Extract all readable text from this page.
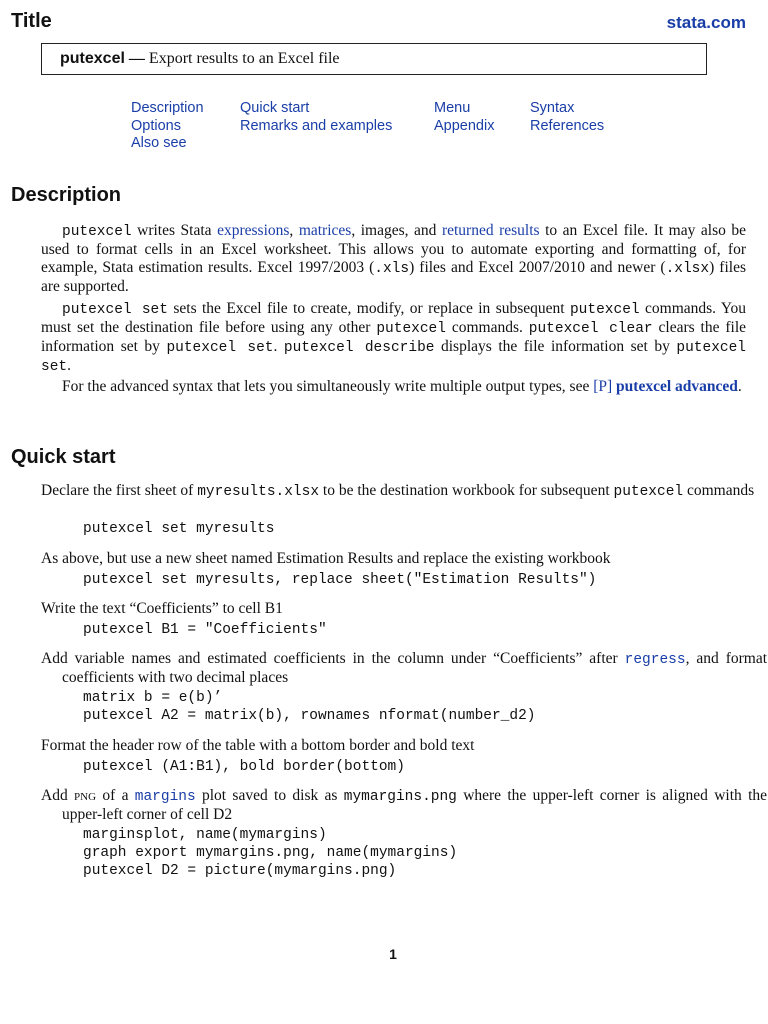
Title	stata.com
putexcel — Export results to an Excel file
Description
Options
Also see
Quick start
Remarks and examples
Menu
Appendix
Syntax
References
Description

putexcel writes Stata expressions, matrices, images, and returned results to an Excel file. It may also be used to format cells in an Excel worksheet. This allows you to automate exporting and formatting of, for example, Stata estimation results. Excel 1997/2003 (.xls) files and Excel 2007/2010 and newer (.xlsx) files are supported.

putexcel set sets the Excel file to create, modify, or replace in subsequent putexcel commands. You must set the destination file before using any other putexcel commands. putexcel clear clears the file information set by putexcel set. putexcel describe displays the file information set by putexcel set.

For the advanced syntax that lets you simultaneously write multiple output types, see [P] putexcel advanced.

Quick start

Declare the first sheet of myresults.xlsx to be the destination workbook for subsequent putexcel commands

putexcel set myresults

As above, but use a new sheet named Estimation Results and replace the existing workbook

putexcel set myresults, replace sheet("Estimation Results")

Write the text “Coefficients” to cell B1

putexcel B1 = "Coefficients"

Add variable names and estimated coefficients in the column under “Coefficients” after regress, and format coefficients with two decimal places

matrix b = e(b)’
putexcel A2 = matrix(b), rownames nformat(number_d2)

Format the header row of the table with a bottom border and bold text

putexcel (A1:B1), bold border(bottom)

Add png of a margins plot saved to disk as mymargins.png where the upper-left corner is aligned with the upper-left corner of cell D2

marginsplot, name(mymargins)
graph export mymargins.png, name(mymargins)
putexcel D2 = picture(mymargins.png)
1
